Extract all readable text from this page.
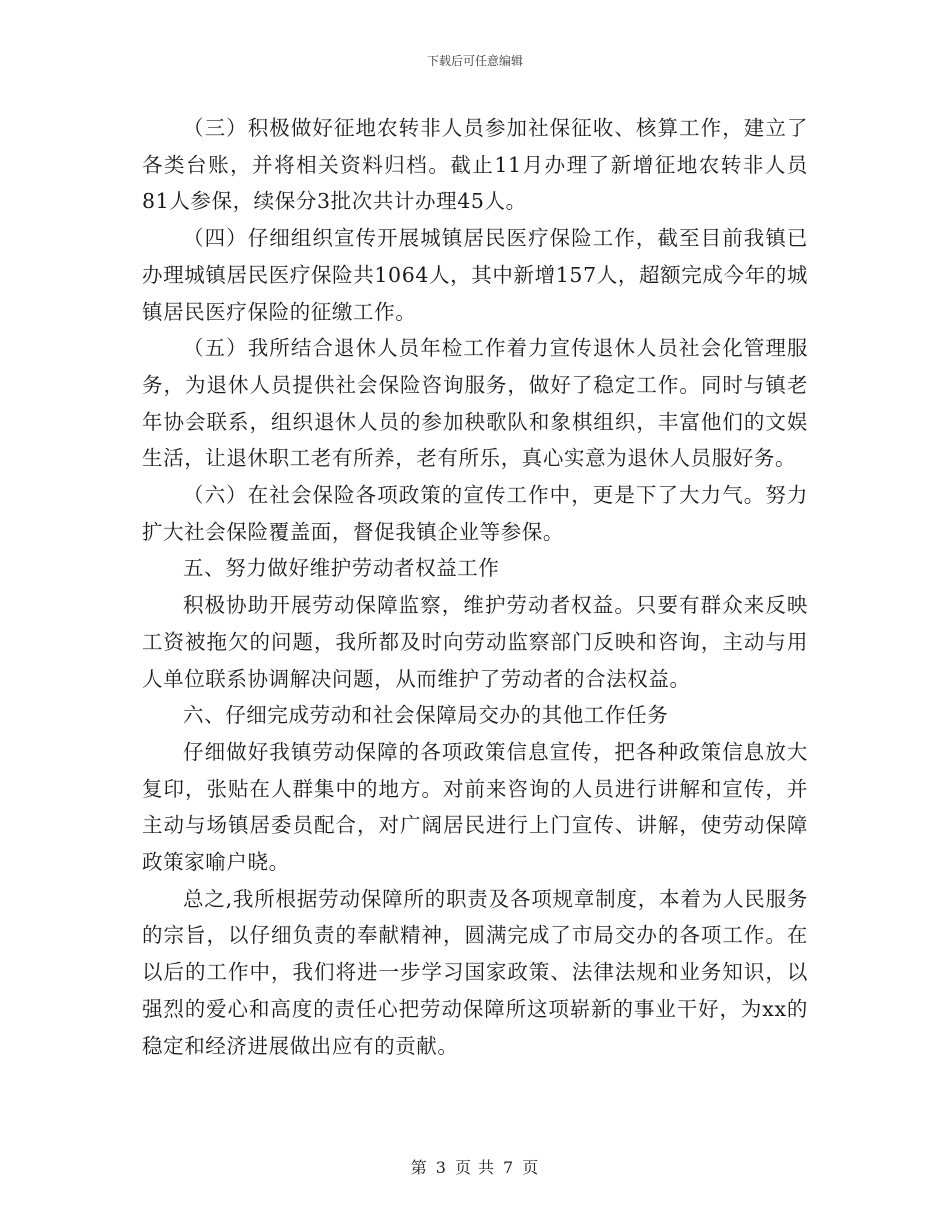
下载后可任意编辑

（三）积极做好征地农转非人员参加社保征收、核算工作，建立了各类台账，并将相关资料归档。截止11月办理了新增征地农转非人员81人参保，续保分3批次共计办理45人。

（四）仔细组织宣传开展城镇居民医疗保险工作，截至目前我镇已办理城镇居民医疗保险共1064人，其中新增157人，超额完成今年的城镇居民医疗保险的征缴工作。

（五）我所结合退休人员年检工作着力宣传退休人员社会化管理服务，为退休人员提供社会保险咨询服务，做好了稳定工作。同时与镇老年协会联系，组织退休人员的参加秧歌队和象棋组织，丰富他们的文娱生活，让退休职工老有所养，老有所乐，真心实意为退休人员服好务。

（六）在社会保险各项政策的宣传工作中，更是下了大力气。努力扩大社会保险覆盖面，督促我镇企业等参保。

五、努力做好维护劳动者权益工作

积极协助开展劳动保障监察，维护劳动者权益。只要有群众来反映工资被拖欠的问题，我所都及时向劳动监察部门反映和咨询，主动与用人单位联系协调解决问题，从而维护了劳动者的合法权益。

六、仔细完成劳动和社会保障局交办的其他工作任务

仔细做好我镇劳动保障的各项政策信息宣传，把各种政策信息放大复印，张贴在人群集中的地方。对前来咨询的人员进行讲解和宣传，并主动与场镇居委员配合，对广阔居民进行上门宣传、讲解，使劳动保障政策家喻户晓。

总之,我所根据劳动保障所的职责及各项规章制度，本着为人民服务的宗旨，以仔细负责的奉献精神，圆满完成了市局交办的各项工作。在以后的工作中，我们将进一步学习国家政策、法律法规和业务知识，以强烈的爱心和高度的责任心把劳动保障所这项崭新的事业干好，为xx的稳定和经济进展做出应有的贡献。

第 3 页 共 7 页
